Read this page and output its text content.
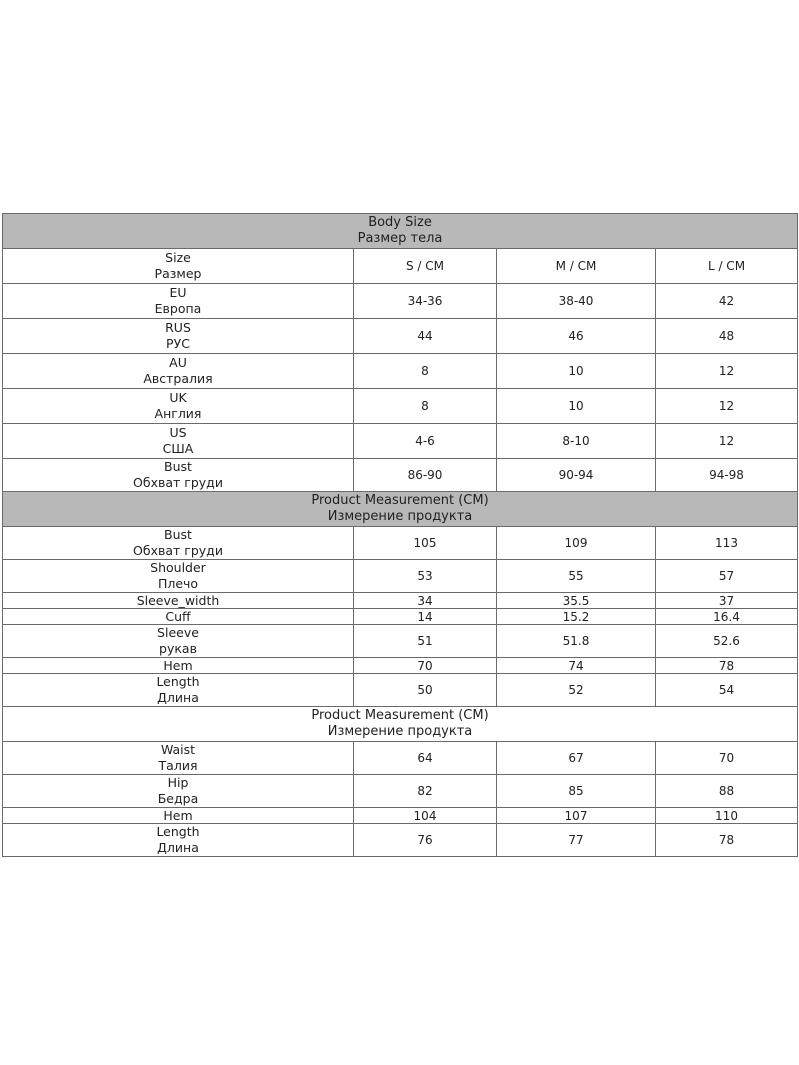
Body Size
Размер тела			

Size
Размер	S / CM	M / CM	L / CM

EU
Европа	34-36	38-40	42

RUS
РУС	44	46	48

AU
Австралия	8	10	12

UK
Англия	8	10	12

US
США	4-6	8-10	12

Bust
Обхват груди	86-90	90-94	94-98

Product Measurement (CM)
Измерение продукта			

Bust
Обхват груди	105	109	113

Shoulder
Плечо	53	55	57
Sleeve_width	34	35.5	37
Cuff	14	15.2	16.4

Sleeve
рукав	51	51.8	52.6
Hem	70	74	78

Length
Длина	50	52	54

Product Measurement (CM)
Измерение продукта			

Waist
Талия	64	67	70

Hip
Бедра	82	85	88
Hem	104	107	110

Length
Длина	76	77	78
